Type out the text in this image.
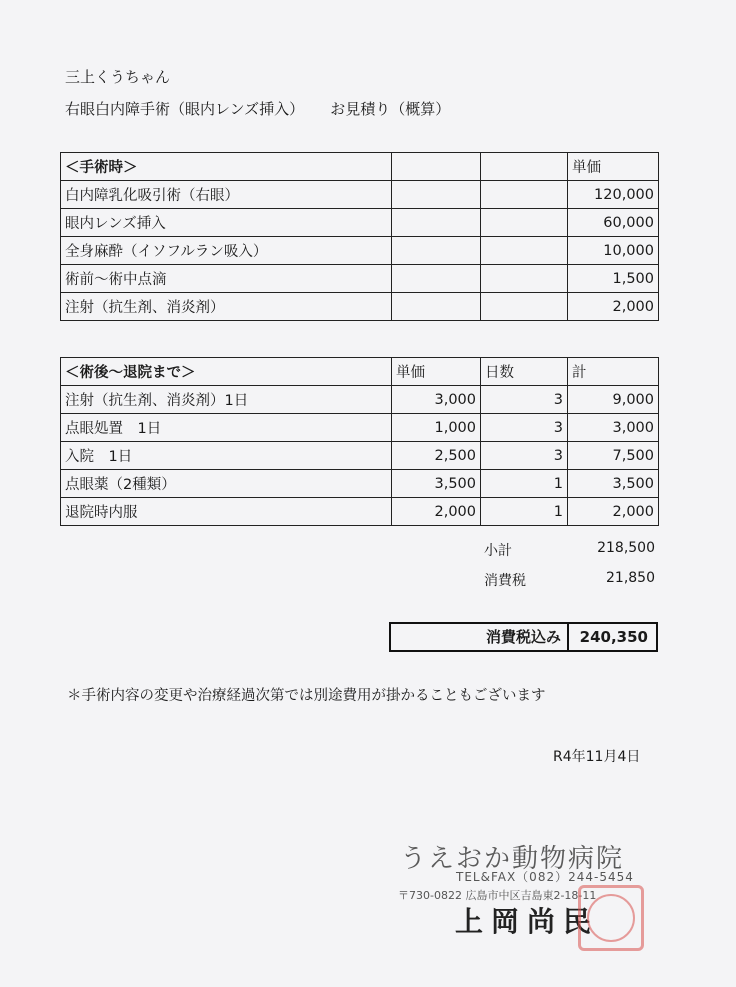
三上くうちゃん
右眼白内障手術（眼内レンズ挿入） お見積り（概算）
＜手術時＞			単価
白内障乳化吸引術（右眼）			120,000
眼内レンズ挿入			60,000
全身麻酔（イソフルラン吸入）			10,000
術前〜術中点滴			1,500
注射（抗生剤、消炎剤）			2,000
＜術後〜退院まで＞	単価	日数	計
注射（抗生剤、消炎剤）1日	3,000	3	9,000
点眼処置　1日	1,000	3	3,000
入院　1日	2,500	3	7,500
点眼薬（2種類）	3,500	1	3,500
退院時内服	2,000	1	2,000
小計	218,500
消費税	21,850
消費税込み	240,350
＊手術内容の変更や治療経過次第では別途費用が掛かることもございます
R4年11月4日
うえおか動物病院
TEL&FAX（082）244-5454
〒730-0822 広島市中区吉島東2-18-11
上岡尚民
